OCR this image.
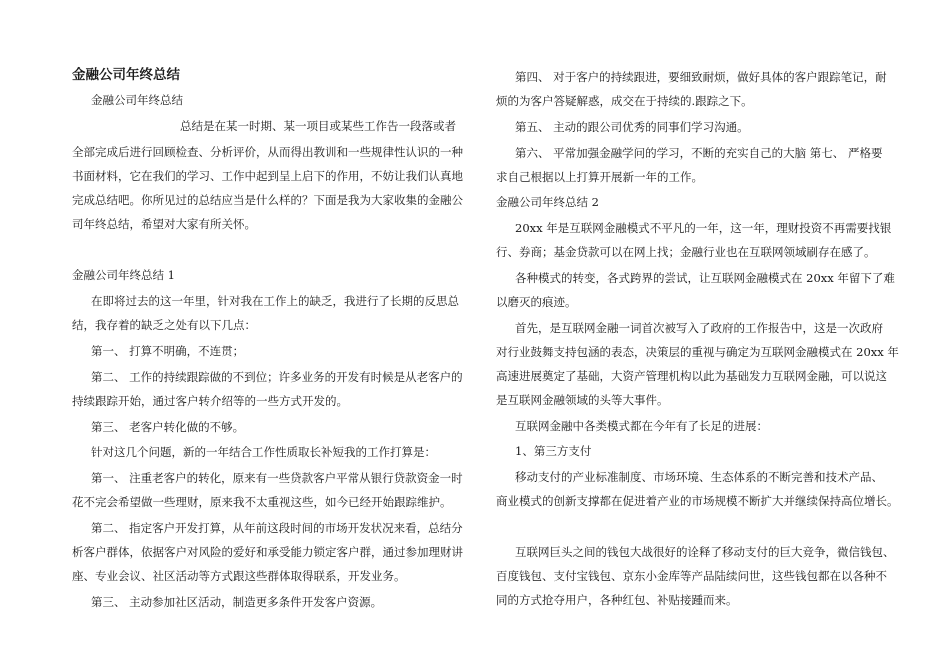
金融公司年终总结

金融公司年终总结

总结是在某一时期、某一项目或某些工作告一段落或者

全部完成后进行回顾检查、分析评价，从而得出教训和一些规律性认识的一种

书面材料，它在我们的学习、工作中起到呈上启下的作用，不妨让我们认真地

完成总结吧。你所见过的总结应当是什么样的？下面是我为大家收集的金融公

司年终总结，希望对大家有所关怀。

金融公司年终总结 1

在即将过去的这一年里，针对我在工作上的缺乏，我进行了长期的反思总

结，我存着的缺乏之处有以下几点：

第一、 打算不明确，不连贯；

第二、 工作的持续跟踪做的不到位；许多业务的开发有时候是从老客户的

持续跟踪开始，通过客户转介绍等的一些方式开发的。

第三、 老客户转化做的不够。

针对这几个问题，新的一年结合工作性质取长补短我的工作打算是：

第一、 注重老客户的转化，原来有一些贷款客户平常从银行贷款资金一时

花不完会希望做一些理财，原来我不太重视这些，如今已经开始跟踪维护。

第二、 指定客户开发打算，从年前这段时间的市场开发状况来看，总结分

析客户群体，依据客户对风险的爱好和承受能力锁定客户群，通过参加理财讲

座、专业会议、社区活动等方式跟这些群体取得联系，开发业务。

第三、 主动参加社区活动，制造更多条件开发客户资源。

第四、 对于客户的持续跟进，要细致耐烦，做好具体的客户跟踪笔记，耐

烦的为客户答疑解惑，成交在于持续的.跟踪之下。

第五、 主动的跟公司优秀的同事们学习沟通。

第六、 平常加强金融学问的学习，不断的充实自己的大脑 第七、 严格要

求自己根据以上打算开展新一年的工作。

金融公司年终总结 2

20xx 年是互联网金融模式不平凡的一年，这一年，理财投资不再需要找银

行、券商；基金贷款可以在网上找；金融行业也在互联网领域刷存在感了。

各种模式的转变，各式跨界的尝试，让互联网金融模式在 20xx 年留下了难

以磨灭的痕迹。

首先，是互联网金融一词首次被写入了政府的工作报告中，这是一次政府

对行业鼓舞支持包涵的表态，决策层的重视与确定为互联网金融模式在 20xx 年

高速进展奠定了基础，大资产管理机构以此为基础发力互联网金融，可以说这

是互联网金融领域的头等大事件。

互联网金融中各类模式都在今年有了长足的进展：

1、第三方支付

移动支付的产业标准制度、市场环境、生态体系的不断完善和技术产品、

商业模式的创新支撑都在促进着产业的市场规模不断扩大并继续保持高位增长。

互联网巨头之间的钱包大战很好的诠释了移动支付的巨大竞争，微信钱包、

百度钱包、支付宝钱包、京东小金库等产品陆续问世，这些钱包都在以各种不

同的方式抢夺用户，各种红包、补贴接踵而来。
